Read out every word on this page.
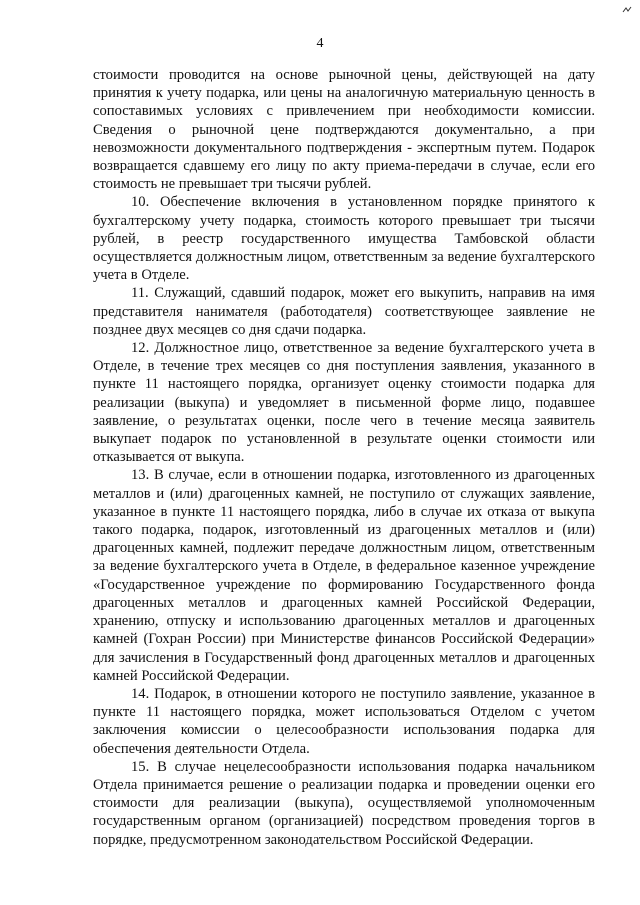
4

стоимости проводится на основе рыночной цены, действующей на дату принятия к учету подарка, или цены на аналогичную материальную ценность в сопоставимых условиях с привлечением при необходимости комиссии. Сведения о рыночной цене подтверждаются документально, а при невозможности документального подтверждения - экспертным путем. Подарок возвращается сдавшему его лицу по акту приема-передачи в случае, если его стоимость не превышает три тысячи рублей.

10. Обеспечение включения в установленном порядке принятого к бухгалтерскому учету подарка, стоимость которого превышает три тысячи рублей, в реестр государственного имущества Тамбовской области осуществляется должностным лицом, ответственным за ведение бухгалтерского учета в Отделе.

11. Служащий, сдавший подарок, может его выкупить, направив на имя представителя нанимателя (работодателя) соответствующее заявление не позднее двух месяцев со дня сдачи подарка.

12. Должностное лицо, ответственное за ведение бухгалтерского учета в Отделе, в течение трех месяцев со дня поступления заявления, указанного в пункте 11 настоящего порядка, организует оценку стоимости подарка для реализации (выкупа) и уведомляет в письменной форме лицо, подавшее заявление, о результатах оценки, после чего в течение месяца заявитель выкупает подарок по установленной в результате оценки стоимости или отказывается от выкупа.

13. В случае, если в отношении подарка, изготовленного из драгоценных металлов и (или) драгоценных камней, не поступило от служащих заявление, указанное в пункте 11 настоящего порядка, либо в случае их отказа от выкупа такого подарка, подарок, изготовленный из драгоценных металлов и (или) драгоценных камней, подлежит передаче должностным лицом, ответственным за ведение бухгалтерского учета в Отделе, в федеральное казенное учреждение «Государственное учреждение по формированию Государственного фонда драгоценных металлов и драгоценных камней Российской Федерации, хранению, отпуску и использованию драгоценных металлов и драгоценных камней (Гохран России) при Министерстве финансов Российской Федерации» для зачисления в Государственный фонд драгоценных металлов и драгоценных камней Российской Федерации.

14. Подарок, в отношении которого не поступило заявление, указанное в пункте 11 настоящего порядка, может использоваться Отделом с учетом заключения комиссии о целесообразности использования подарка для обеспечения деятельности Отдела.

15. В случае нецелесообразности использования подарка начальником Отдела принимается решение о реализации подарка и проведении оценки его стоимости для реализации (выкупа), осуществляемой уполномоченным государственным органом (организацией) посредством проведения торгов в порядке, предусмотренном законодательством Российской Федерации.
